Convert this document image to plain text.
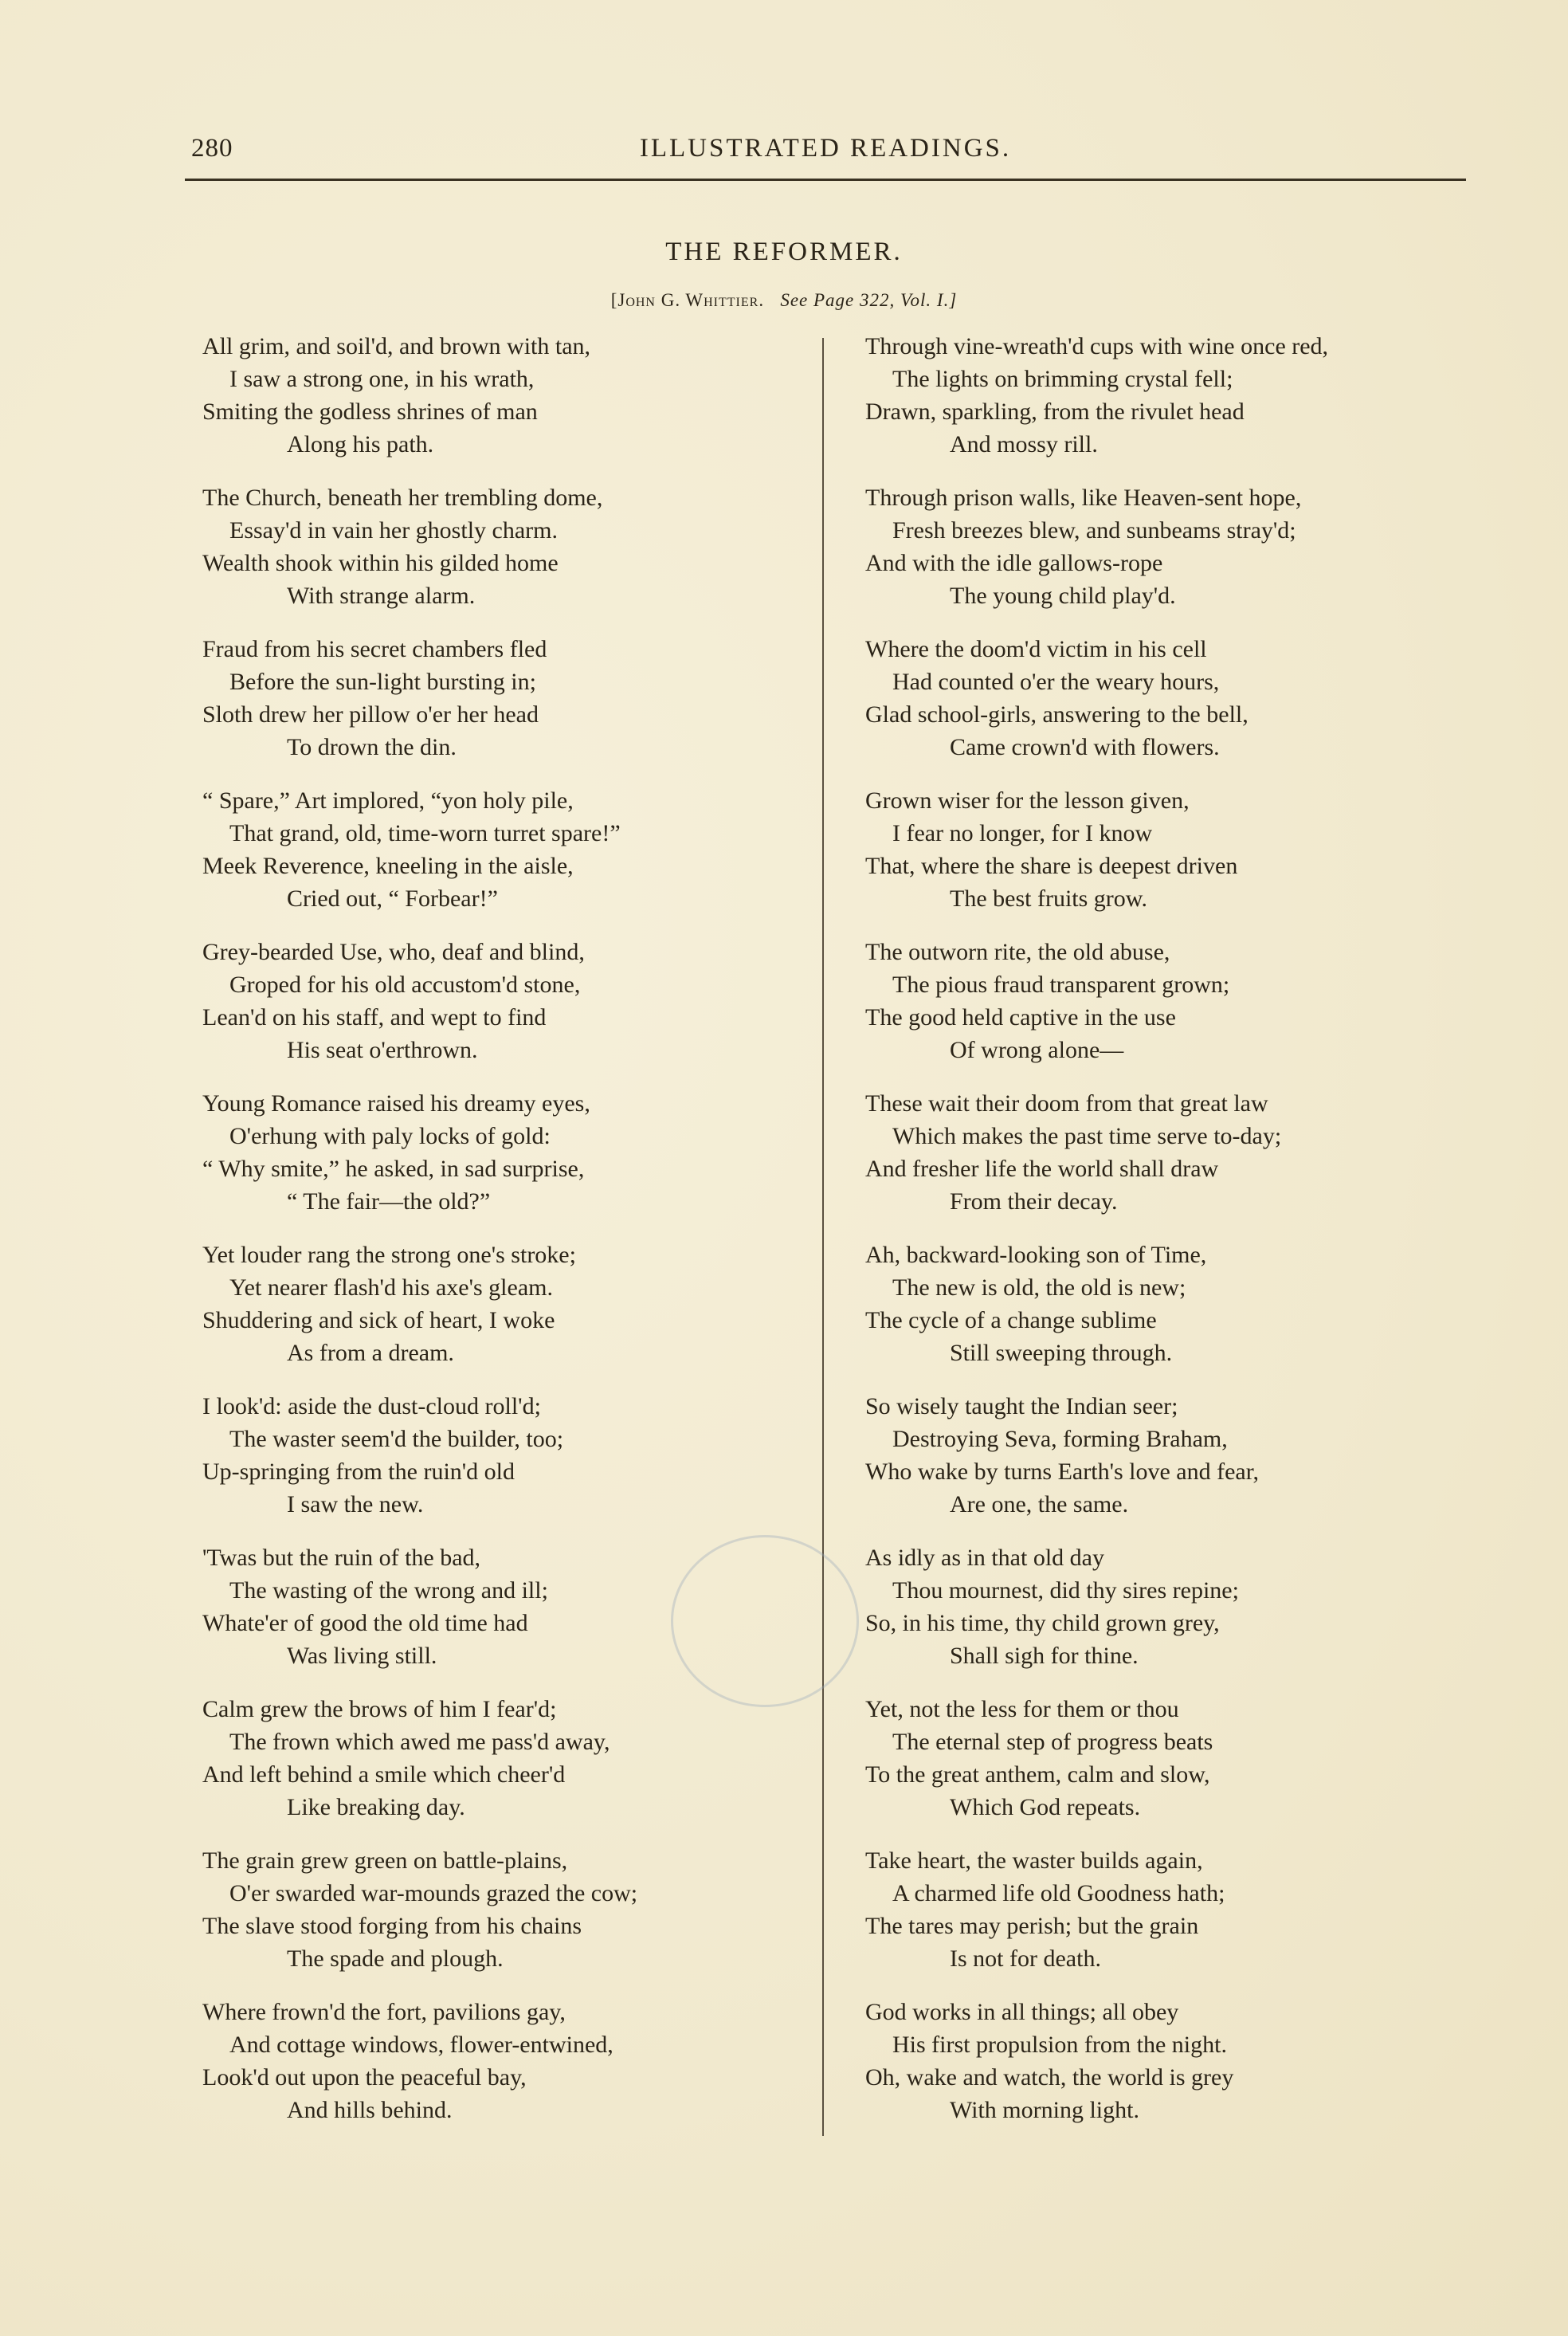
280	ILLUSTRATED READINGS.
THE REFORMER.
[John G. Whittier. See Page 322, Vol. I.]
All grim, and soil'd, and brown with tan,
I saw a strong one, in his wrath,
Smiting the godless shrines of man
Along his path.
The Church, beneath her trembling dome,
Essay'd in vain her ghostly charm.
Wealth shook within his gilded home
With strange alarm.
Fraud from his secret chambers fled
Before the sun-light bursting in;
Sloth drew her pillow o'er her head
To drown the din.
“ Spare,” Art implored, “yon holy pile,
That grand, old, time-worn turret spare!”
Meek Reverence, kneeling in the aisle,
Cried out, “ Forbear!”
Grey-bearded Use, who, deaf and blind,
Groped for his old accustom'd stone,
Lean'd on his staff, and wept to find
His seat o'erthrown.
Young Romance raised his dreamy eyes,
O'erhung with paly locks of gold:
“ Why smite,” he asked, in sad surprise,
“ The fair—the old?”
Yet louder rang the strong one's stroke;
Yet nearer flash'd his axe's gleam.
Shuddering and sick of heart, I woke
As from a dream.
I look'd: aside the dust-cloud roll'd;
The waster seem'd the builder, too;
Up-springing from the ruin'd old
I saw the new.
'Twas but the ruin of the bad,
The wasting of the wrong and ill;
Whate'er of good the old time had
Was living still.
Calm grew the brows of him I fear'd;
The frown which awed me pass'd away,
And left behind a smile which cheer'd
Like breaking day.
The grain grew green on battle-plains,
O'er swarded war-mounds grazed the cow;
The slave stood forging from his chains
The spade and plough.
Where frown'd the fort, pavilions gay,
And cottage windows, flower-entwined,
Look'd out upon the peaceful bay,
And hills behind.
Through vine-wreath'd cups with wine once red,
The lights on brimming crystal fell;
Drawn, sparkling, from the rivulet head
And mossy rill.
Through prison walls, like Heaven-sent hope,
Fresh breezes blew, and sunbeams stray'd;
And with the idle gallows-rope
The young child play'd.
Where the doom'd victim in his cell
Had counted o'er the weary hours,
Glad school-girls, answering to the bell,
Came crown'd with flowers.
Grown wiser for the lesson given,
I fear no longer, for I know
That, where the share is deepest driven
The best fruits grow.
The outworn rite, the old abuse,
The pious fraud transparent grown;
The good held captive in the use
Of wrong alone—
These wait their doom from that great law
Which makes the past time serve to-day;
And fresher life the world shall draw
From their decay.
Ah, backward-looking son of Time,
The new is old, the old is new;
The cycle of a change sublime
Still sweeping through.
So wisely taught the Indian seer;
Destroying Seva, forming Braham,
Who wake by turns Earth's love and fear,
Are one, the same.
As idly as in that old day
Thou mournest, did thy sires repine;
So, in his time, thy child grown grey,
Shall sigh for thine.
Yet, not the less for them or thou
The eternal step of progress beats
To the great anthem, calm and slow,
Which God repeats.
Take heart, the waster builds again,
A charmed life old Goodness hath;
The tares may perish; but the grain
Is not for death.
God works in all things; all obey
His first propulsion from the night.
Oh, wake and watch, the world is grey
With morning light.
